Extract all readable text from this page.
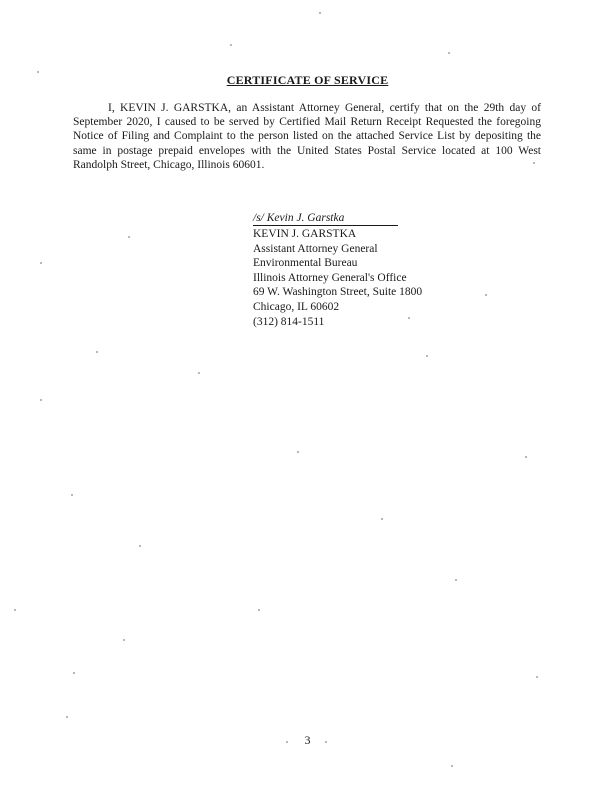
CERTIFICATE OF SERVICE

I, KEVIN J. GARSTKA, an Assistant Attorney General, certify that on the 29th day of September 2020, I caused to be served by Certified Mail Return Receipt Requested the foregoing Notice of Filing and Complaint to the person listed on the attached Service List by depositing the same in postage prepaid envelopes with the United States Postal Service located at 100 West Randolph Street, Chicago, Illinois 60601.

/s/ Kevin J. Garstka
KEVIN J. GARSTKA
Assistant Attorney General
Environmental Bureau
Illinois Attorney General's Office
69 W. Washington Street, Suite 1800
Chicago, IL 60602
(312) 814-1511
3
